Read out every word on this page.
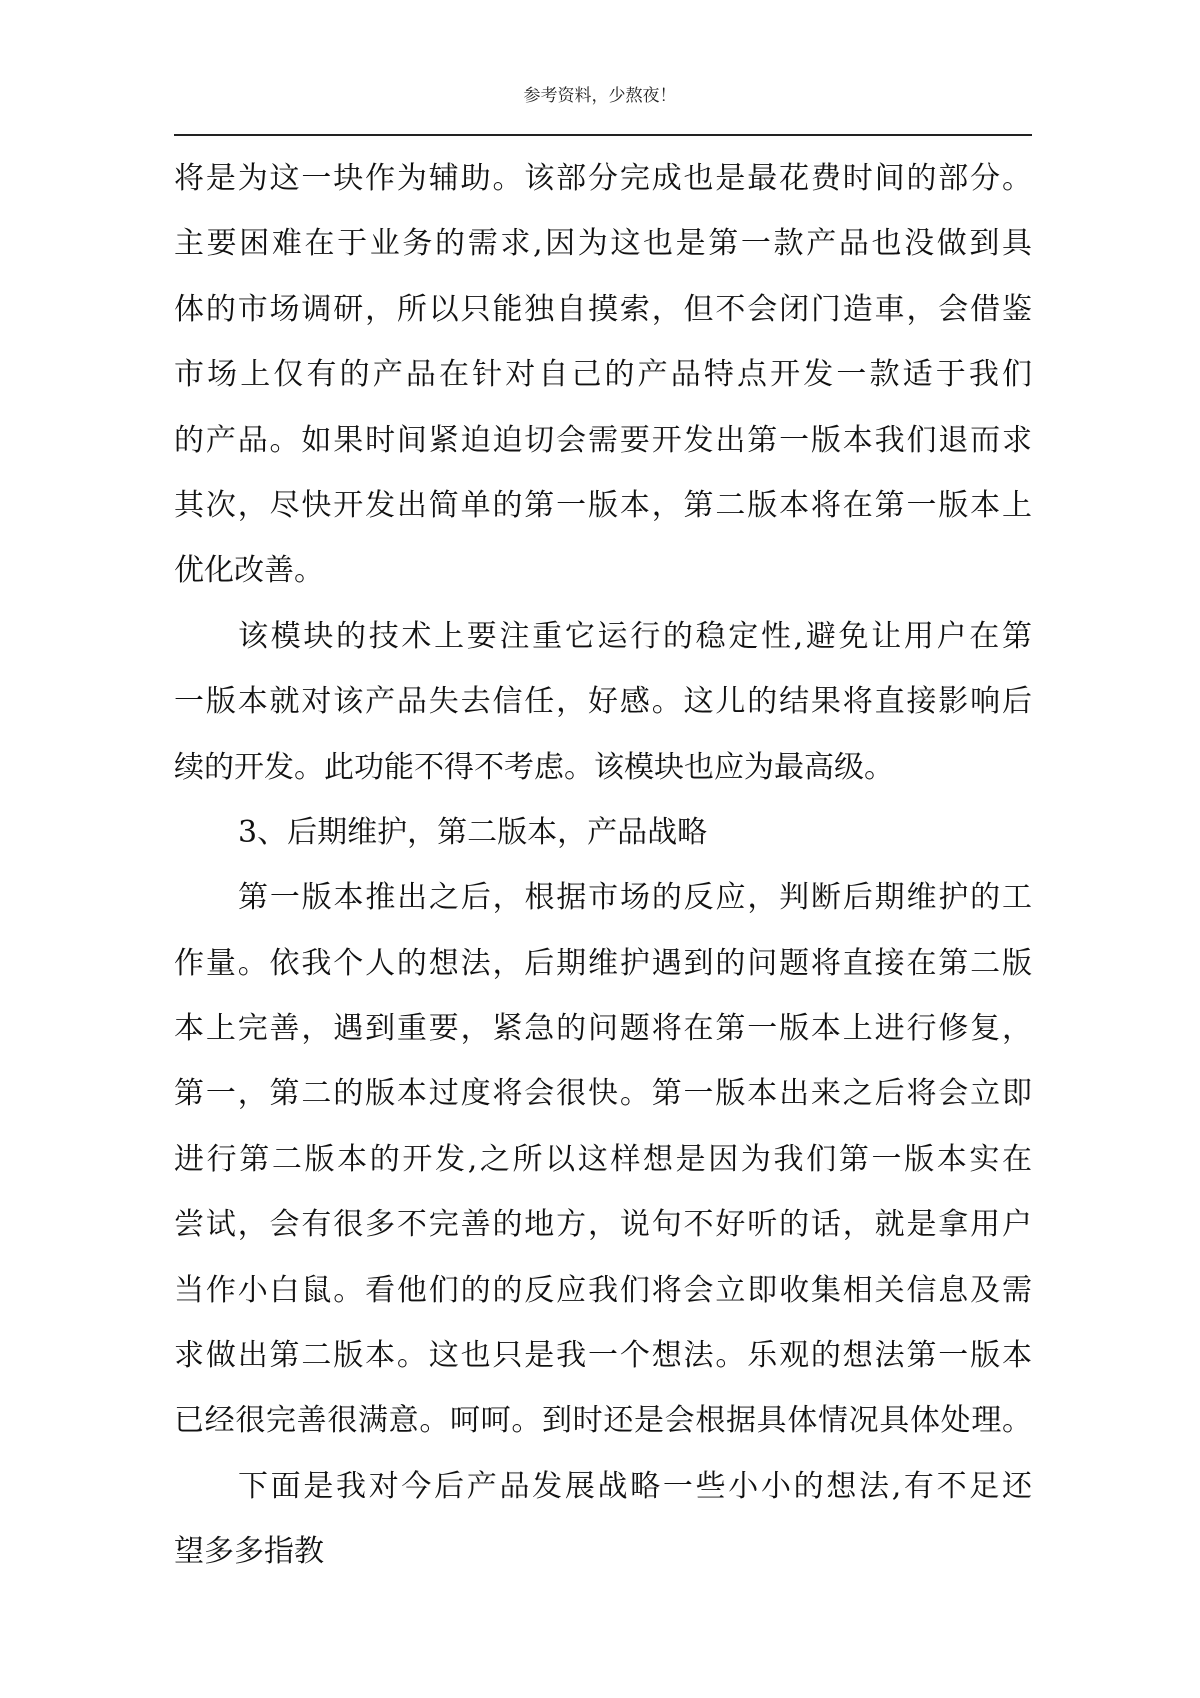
参考资料，少熬夜！
将是为这一块作为辅助。该部分完成也是最花费时间的部分。
主要困难在于业务的需求,因为这也是第一款产品也没做到具
体的市场调研，所以只能独自摸索，但不会闭门造車，会借鉴
市场上仅有的产品在针对自己的产品特点开发一款适于我们
的产品。如果时间紧迫迫切会需要开发出第一版本我们退而求
其次，尽快开发出简单的第一版本，第二版本将在第一版本上
优化改善。
该模块的技术上要注重它运行的稳定性,避免让用户在第
一版本就对该产品失去信任，好感。这儿的结果将直接影响后
续的开发。此功能不得不考虑。该模块也应为最高级。
3、后期维护，第二版本，产品战略
第一版本推出之后，根据市场的反应，判断后期维护的工
作量。依我个人的想法，后期维护遇到的问题将直接在第二版
本上完善，遇到重要，紧急的问题将在第一版本上进行修复，
第一，第二的版本过度将会很快。第一版本出来之后将会立即
进行第二版本的开发,之所以这样想是因为我们第一版本实在
尝试，会有很多不完善的地方，说句不好听的话，就是拿用户
当作小白鼠。看他们的的反应我们将会立即收集相关信息及需
求做出第二版本。这也只是我一个想法。乐观的想法第一版本
已经很完善很满意。呵呵。到时还是会根据具体情况具体处理。
下面是我对今后产品发展战略一些小小的想法,有不足还
望多多指教
